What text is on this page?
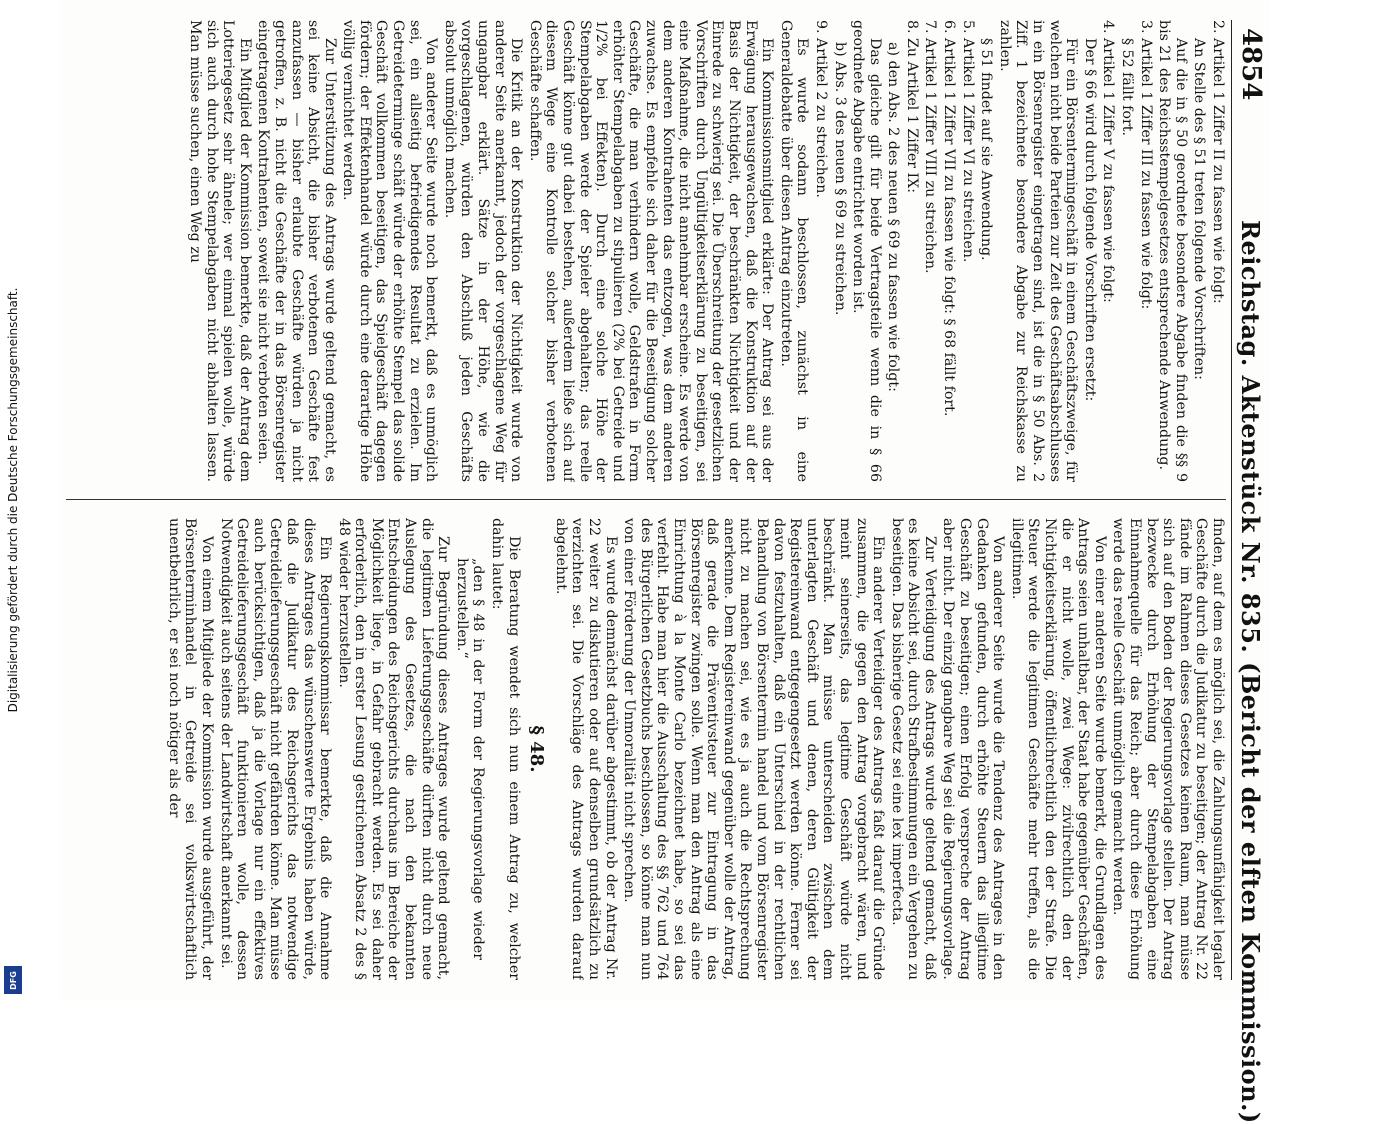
Digitalisierung gefördert durch die Deutsche Forschungsgemeinschaft.
DFG
4854
Reichstag. Aktenstück Nr. 835. (Bericht der elften Kommission.)

2. Artikel 1 Ziffer II zu fassen wie folgt:

An Stelle des § 51 treten folgende Vorschriften:

Auf die in § 50 geordnete besondere Abgabe finden die §§ 9 bis 21 des Reichsstempelgesetzes entsprechende Anwendung.

3. Artikel 1 Ziffer III zu fassen wie folgt:

§ 52 fällt fort.

4. Artikel 1 Ziffer V zu fassen wie folgt:

Der § 66 wird durch folgende Vorschriften ersetzt:

Für ein Börsentermingeschäft in einem Geschäftszweige, für welchen nicht beide Parteien zur Zeit des Geschäftsabschlusses in ein Börsenregister eingetragen sind, ist die in § 50 Abs. 2 Ziff. 1 bezeichnete besondere Abgabe zur Reichskasse zu zahlen.

§ 51 findet auf sie Anwendung.

5. Artikel 1 Ziffer VI zu streichen.

6. Artikel 1 Ziffer VII zu fassen wie folgt: § 68 fällt fort.

7. Artikel 1 Ziffer VIII zu streichen.

8. Zu Artikel 1 Ziffer IX:

a) den Abs. 2 des neuen § 69 zu fassen wie folgt:

Das gleiche gilt für beide Vertragsteile wenn die in § 66 geordnete Abgabe entrichtet worden ist.

b) Abs. 3 des neuen § 69 zu streichen.

9. Artikel 2 zu streichen.

Es wurde sodann beschlossen, zunächst in eine Generaldebatte über diesen Antrag einzutreten.

Ein Kommissionsmitglied erklärte: Der Antrag sei aus der Erwägung herausgewachsen, daß die Konstruktion auf der Basis der Nichtigkeit, der beschränkten Nichtigkeit und der Einrede zu schwierig sei. Die Überschreitung der gesetzlichen Vorschriften durch Ungültigkeitserklärung zu beseitigen, sei eine Maßnahme, die nicht annehmbar erscheine. Es werde von dem anderen Kontrahenten das entzogen, was dem anderen zuwachse. Es empfehle sich daher für die Beseitigung solcher Geschäfte, die man verhindern wolle, Geldstrafen in Form erhöhter Stempelabgaben zu stipulieren (2% bei Getreide und 1/2% bei Effekten). Durch eine solche Höhe der Stempelabgaben werde der Spieler abgehalten; das reelle Geschäft könne gut dabei bestehen, außerdem ließe sich auf diesem Wege eine Kontrolle solcher bisher verbotenen Geschäfte schaffen.

Die Kritik an der Konstruktion der Nichtigkeit wurde von anderer Seite anerkannt, jedoch der vorgeschlagene Weg für ungangbar erklärt. Sätze in der Höhe, wie die vorgeschlagenen, würden den Abschluß jeden Geschäfts absolut unmöglich machen.

Von anderer Seite wurde noch bemerkt, daß es unmöglich sei, ein allseitig befriedigendes Resultat zu erzielen. Im Getreideterminge schäft würde der erhöhte Stempel das solide Geschäft vollkommen beseitigen, das Spielgeschäft dagegen fördern; der Effektenhandel würde durch eine derartige Höhe völlig vernichtet werden.

Zur Unterstützung des Antrags wurde geltend gemacht, es sei keine Absicht, die bisher verbotenen Geschäfte fest anzufassen — bisher erlaubte Geschäfte würden ja nicht getroffen, z. B. nicht die Geschäfte der in das Börsenregister eingetragenen Kontrahenten, soweit sie nicht verboten seien.

Ein Mitglied der Kommission bemerkte, daß der Antrag dem Lotteriegesetz sehr ähnele; wer einmal spielen wolle, würde sich auch durch hohe Stempelabgaben nicht abhalten lassen. Man müsse suchen, einen Weg zu

finden, auf dem es möglich sei, die Zahlungsunfähigkeit legaler Geschäfte durch die Judikatur zu beseitigen; der Antrag Nr. 22 fände im Rahmen dieses Gesetzes keinen Raum, man müsse sich auf den Boden der Regierungsvorlage stellen. Der Antrag bezwecke durch Erhöhung der Stempelabgaben eine Einnahmequelle für das Reich; aber durch diese Erhöhung werde das reelle Geschäft unmöglich gemacht werden.

Von einer anderen Seite wurde bemerkt, die Grundlagen des Antrags seien unhaltbar, der Staat habe gegenüber Geschäften, die er nicht wolle, zwei Wege: zivilrechtlich den der Nichtigkeitserklärung, öffentlichrechtlich den der Strafe. Die Steuer werde die legitimen Geschäfte mehr treffen, als die illegitimen.

Von anderer Seite wurde die Tendenz des Antrages in den Gedanken gefunden, durch erhöhte Steuern das illegitime Geschäft zu beseitigen; einen Erfolg verspreche der Antrag aber nicht. Der einzig gangbare Weg sei die Regierungsvorlage.

Zur Verteidigung des Antrags wurde geltend gemacht, daß es keine Absicht sei, durch Strafbestimmungen ein Vergehen zu beseitigen. Das bisherige Gesetz sei eine lex imperfecta.

Ein anderer Verteidiger des Antrags faßt darauf die Gründe zusammen, die gegen den Antrag vorgebracht wären, und meint seinerseits, das legitime Geschäft würde nicht beschränkt. Man müsse unterscheiden zwischen dem unterlagten Geschäft und denen, deren Gültigkeit der Registereinwand entgegengesetzt werden könne. Ferner sei davon festzuhalten, daß ein Unterschied in der rechtlichen Behandlung von Börsentermin handel und vom Börsenregister nicht zu machen sei, wie es ja auch die Rechtsprechung anerkenne. Dem Registereinwand gegenüber wolle der Antrag, daß gerade die Präventivsteuer zur Eintragung in das Börsenregister zwingen solle. Wenn man den Antrag als eine Einrichtung à la Monte Carlo bezeichnet habe, so sei das verfehlt. Habe man hier die Ausschaltung des §§ 762 und 764 des Bürgerlichen Gesetzbuchs beschlossen, so könne man nun von einer Förderung der Unmoralität nicht sprechen.

Es wurde demnächst darüber abgestimmt, ob der Antrag Nr. 22 weiter zu diskutieren oder auf denselben grundsätzlich zu verzichten sei. Die Vorschläge des Antrags wurden darauf abgelehnt.

§ 48.

Die Beratung wendet sich nun einem Antrag zu, welcher dahin lautet:

„den § 48 in der Form der Regierungsvorlage wieder herzustellen.“

Zur Begründung dieses Antrages wurde geltend gemacht, die legitimen Lieferungsgeschäfte dürften nicht durch neue Auslegung des Gesetzes, die nach den bekannten Entscheidungen des Reichsgerichts durchaus im Bereiche der Möglichkeit liege, in Gefahr gebracht werden. Es sei daher erforderlich, den in erster Lesung gestrichenen Absatz 2 des § 48 wieder herzustellen.

Ein Regierungskommissar bemerkte, daß die Annahme dieses Antrages das wünschenswerte Ergebnis haben würde, daß die Judikatur des Reichsgerichts das notwendige Getreidelieferungsgeschäft nicht gefährden könne. Man müsse auch berücksichtigen, daß ja die Vorlage nur ein effektives Getreidelieferungsgeschäft funktionieren wolle, dessen Notwendigkeit auch seitens der Landwirtschaft anerkannt sei.

Von einem Mitgliede der Kommission wurde ausgeführt, der Börsenterminhandel in Getreide sei volkswirtschaftlich unentbehrlich, er sei noch nötiger als der
